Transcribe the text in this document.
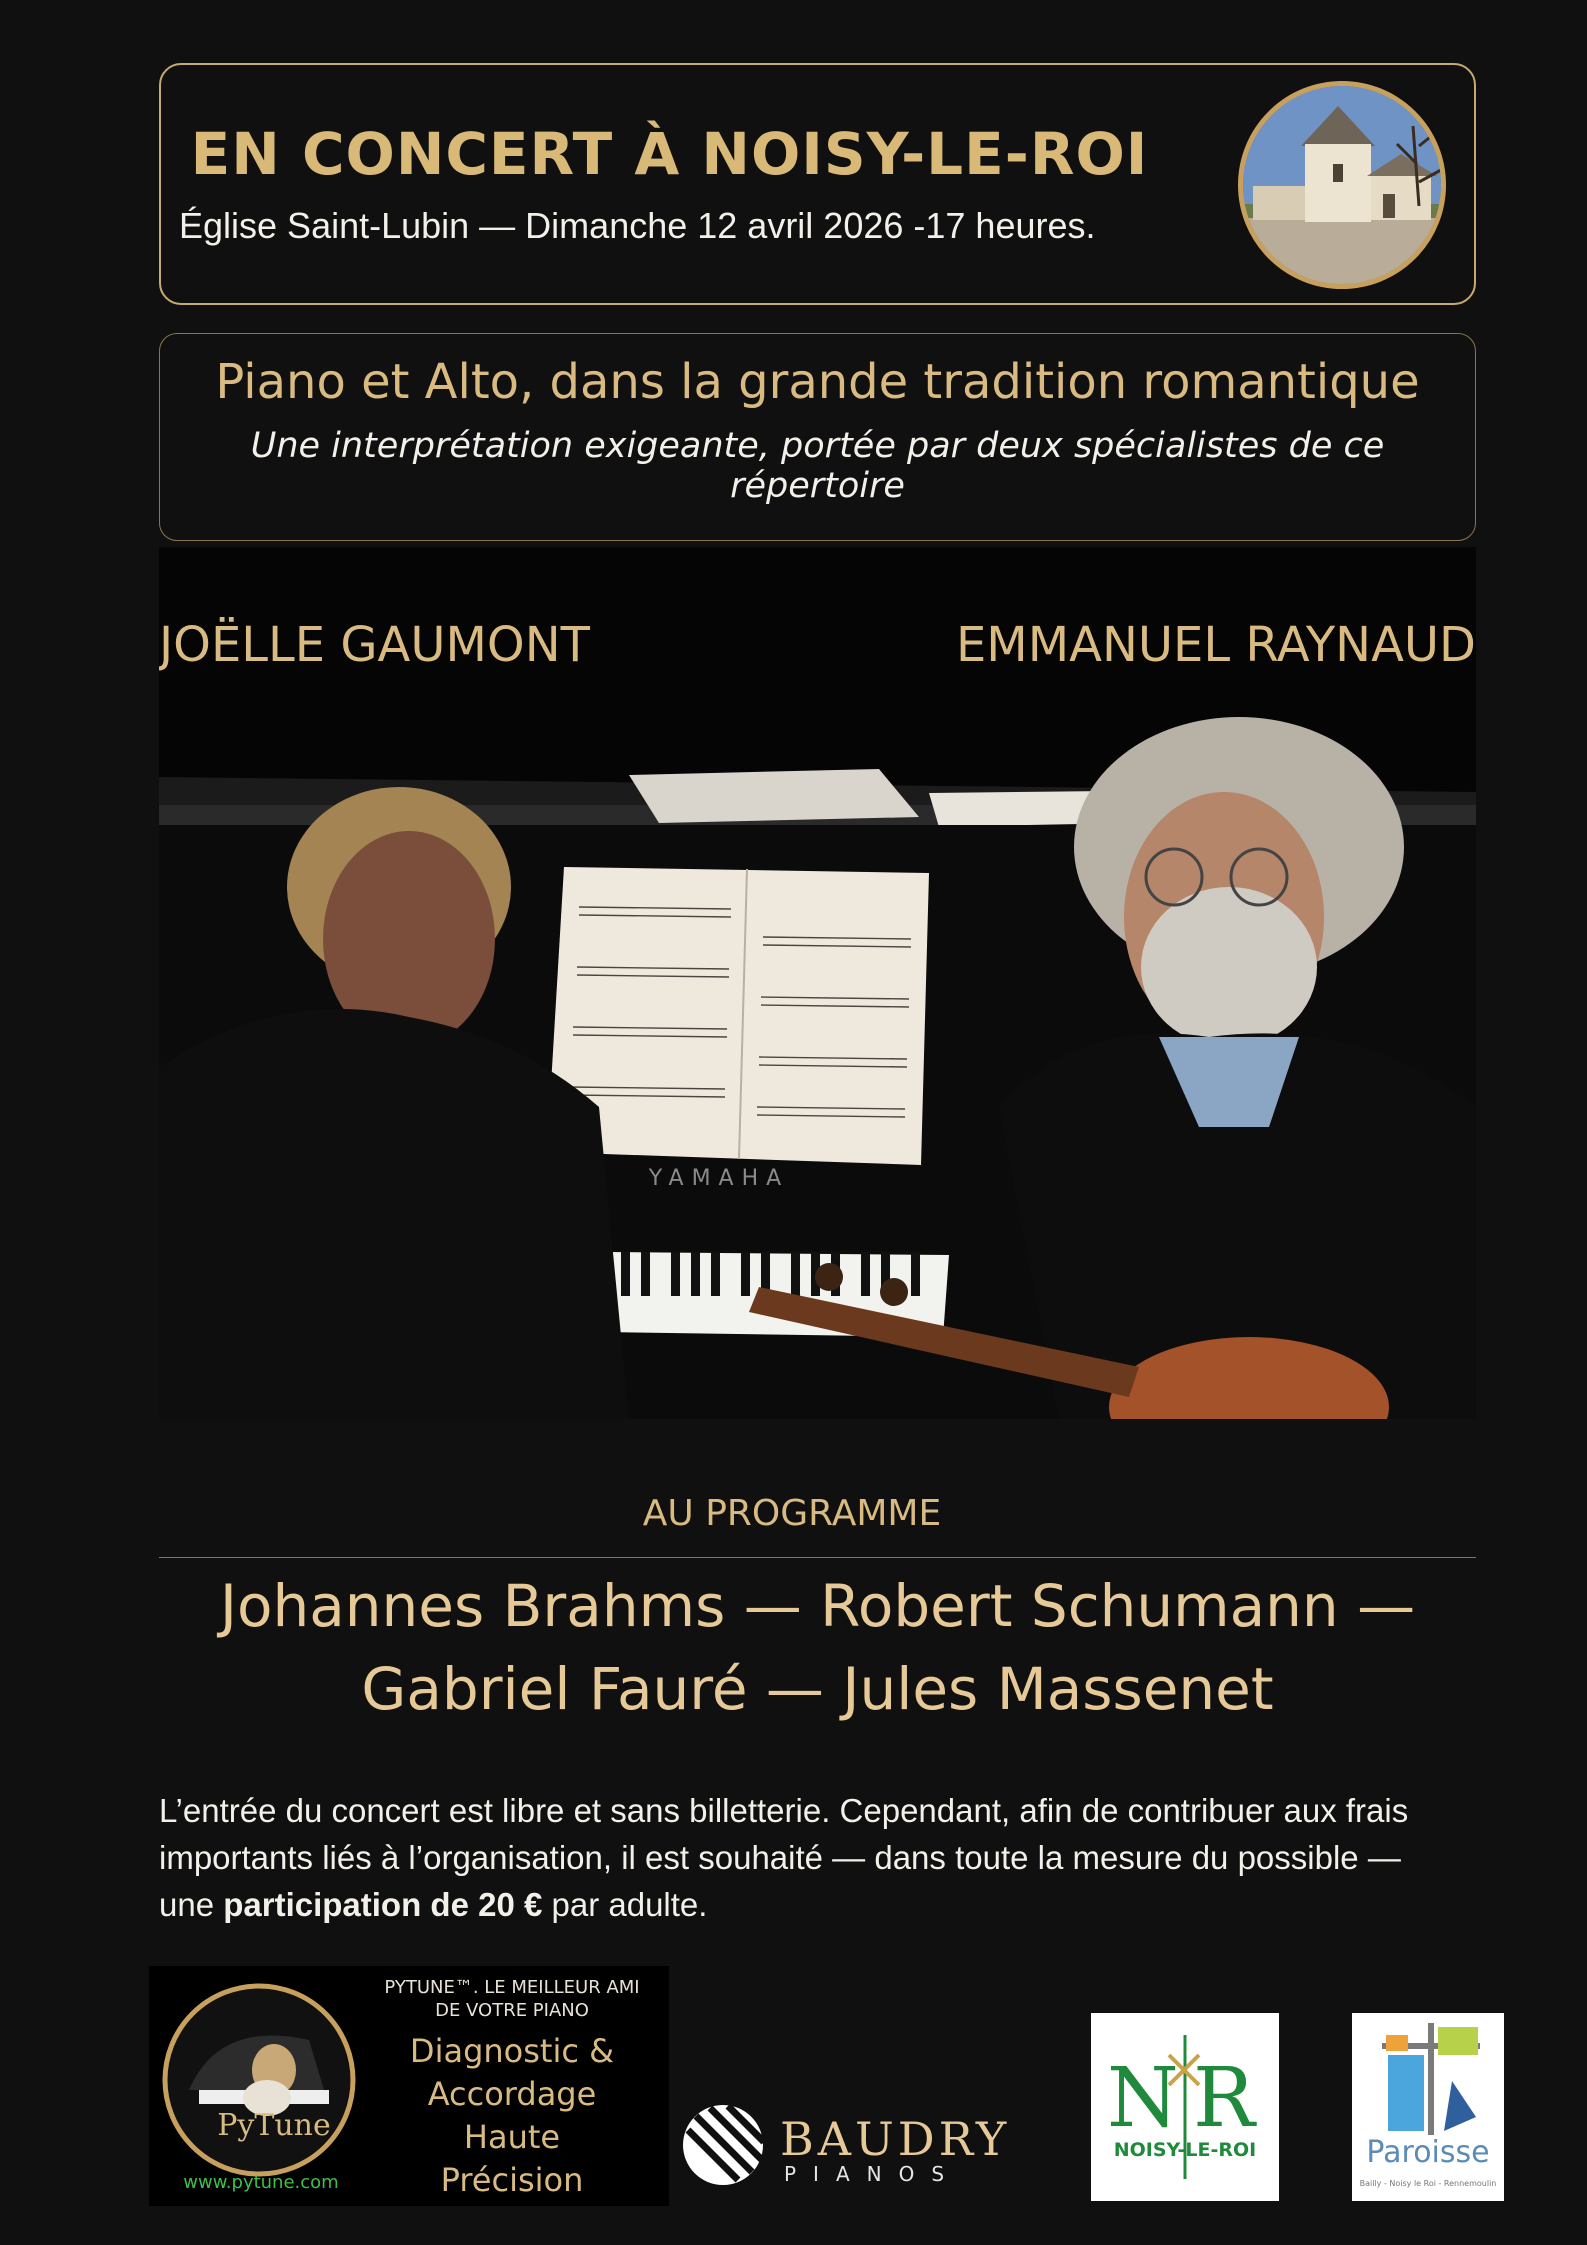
EN CONCERT À NOISY-LE-ROI
Église Saint-Lubin — Dimanche 12 avril 2026 -17 heures.
Piano et Alto, dans la grande tradition romantique
Une interprétation exigeante, portée par deux spécialistes de ce répertoire
YAMAHA
JOËLLE GAUMONT	EMMANUEL RAYNAUD
AU PROGRAMME
Johannes Brahms — Robert Schumann —
Gabriel Fauré — Jules Massenet
L’entrée du concert est libre et sans billetterie. Cependant, afin de contribuer aux frais importants liés à l’organisation, il est souhaité — dans toute la mesure du possible — une participation de 20 € par adulte.
PyTune
www.pytune.com
PYTUNE™. LE MEILLEUR AMI
DE VOTRE PIANO
Diagnostic &
Accordage
Haute
Précision
BAUDRY
PIANOS
N R
NOISY-LE-ROI	Paroisse
Bailly - Noisy le Roi - Rennemoulin
